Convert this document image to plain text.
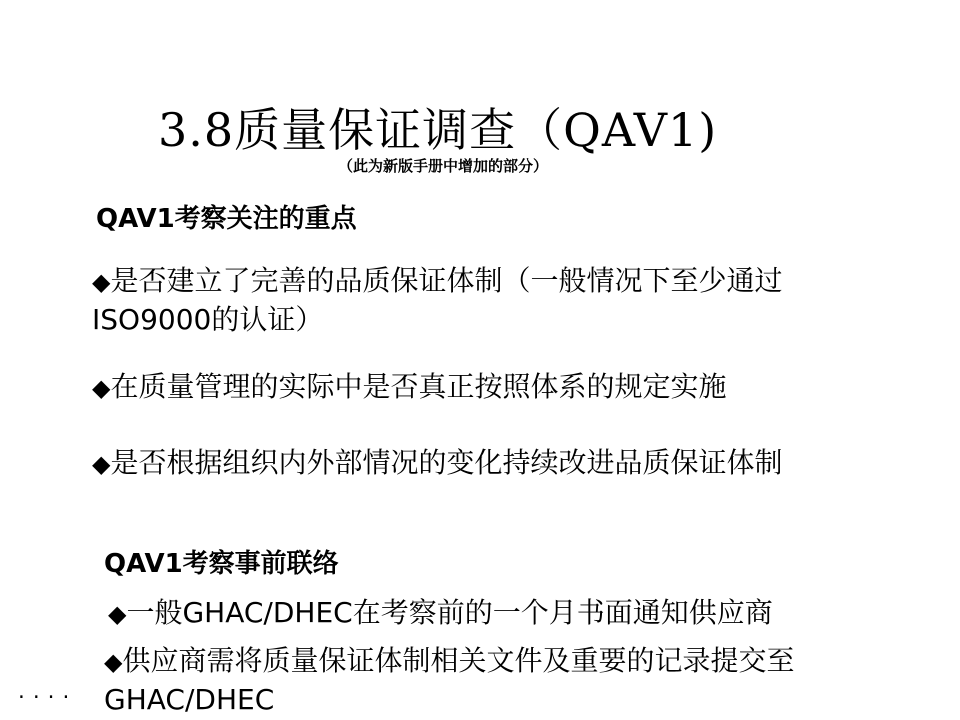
3.8质量保证调查（QAV1)
（此为新版手册中增加的部分）
QAV1考察关注的重点
◆是否建立了完善的品质保证体制（一般情况下至少通过ISO9000的认证）
◆在质量管理的实际中是否真正按照体系的规定实施
◆是否根据组织内外部情况的变化持续改进品质保证体制
QAV1考察事前联络
◆一般GHAC/DHEC在考察前的一个月书面通知供应商
◆供应商需将质量保证体制相关文件及重要的记录提交至GHAC/DHEC
....
